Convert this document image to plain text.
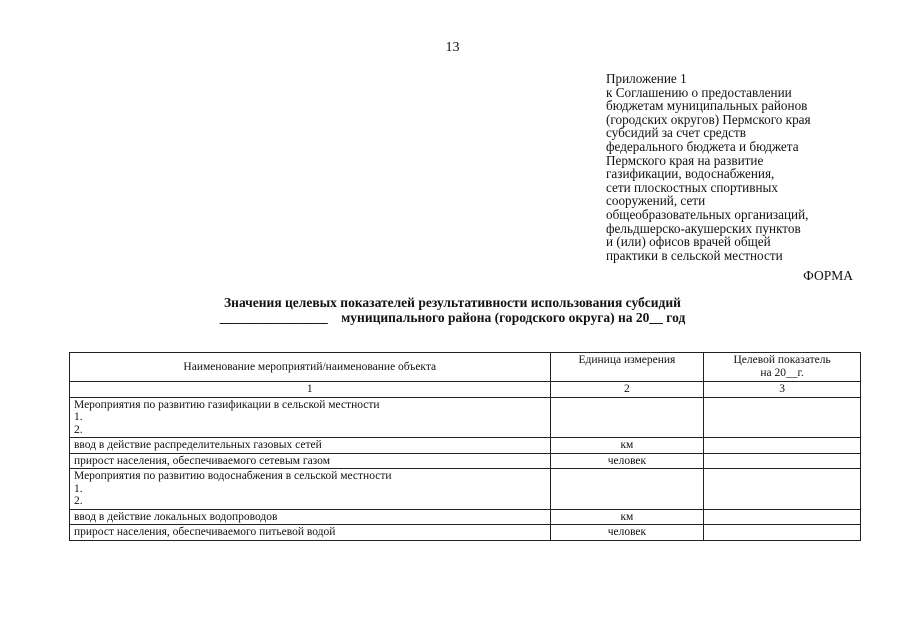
13
Приложение 1
к Соглашению о предоставлении
бюджетам муниципальных районов
(городских округов) Пермского края
субсидий за счет средств
федерального бюджета и бюджета
Пермского края на развитие
газификации, водоснабжения,
сети плоскостных спортивных
сооружений, сети
общеобразовательных организаций,
фельдшерско-акушерских пунктов
и (или) офисов врачей общей
практики в сельской местности
ФОРМА
Значения целевых показателей результативности использования субсидий
________________ муниципального района (городского округа) на 20__ год
Наименование мероприятий/наименование объекта	Единица измерения	Целевой показатель
на 20__г.

1	2	3

Мероприятия по развитию газификации в сельской местности
1.
2.		

ввод в действие распределительных газовых сетей	км	
прирост населения, обеспечиваемого сетевым газом	человек	

Мероприятия по развитию водоснабжения в сельской местности
1.
2.		

ввод в действие локальных водопроводов	км	
прирост населения, обеспечиваемого питьевой водой	человек	
